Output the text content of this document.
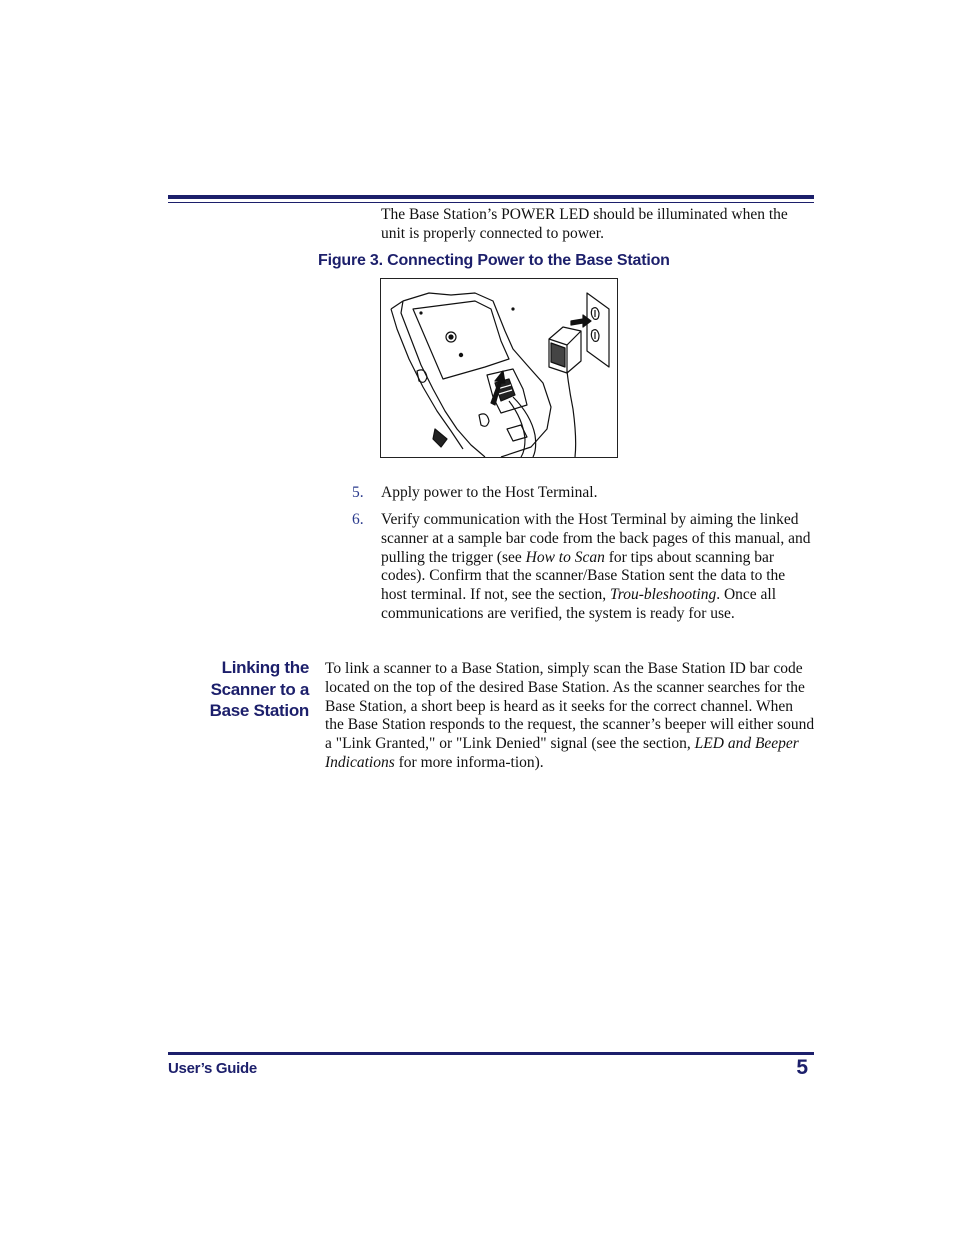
The Base Station’s POWER LED should be illuminated when the unit is properly connected to power.

Figure 3. Connecting Power to the Base Station
5. Apply power to the Host Terminal.
6. Verify communication with the Host Terminal by aiming the linked scanner at a sample bar code from the back pages of this manual, and pulling the trigger (see How to Scan for tips about scanning bar codes). Confirm that the scanner/Base Station sent the data to the host terminal. If not, see the section, Trou-bleshooting. Once all communications are verified, the system is ready for use.
Linking the
Scanner to a
Base Station

To link a scanner to a Base Station, simply scan the Base Station ID bar code located on the top of the desired Base Station. As the scanner searches for the Base Station, a short beep is heard as it seeks for the correct channel. When the Base Station responds to the request, the scanner’s beeper will either sound a "Link Granted," or "Link Denied" signal (see the section, LED and Beeper Indications for more informa-tion).

User’s Guide	5
